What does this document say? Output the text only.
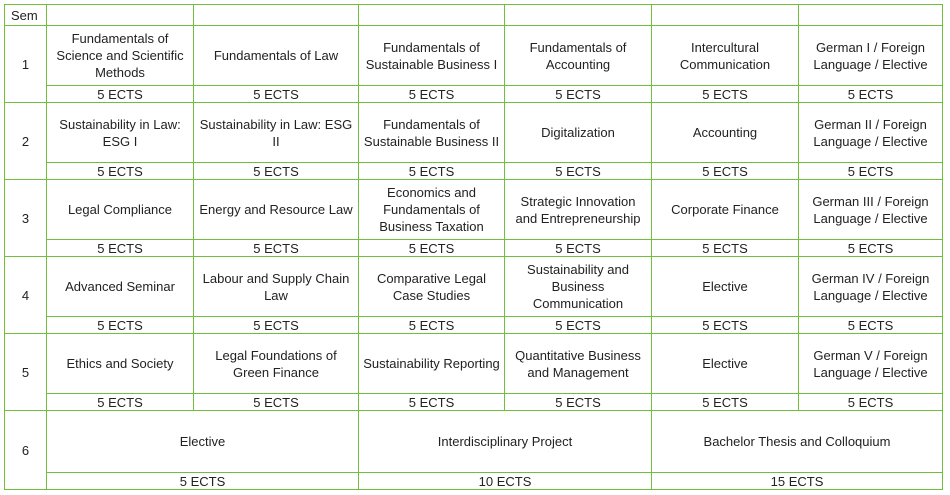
Sem						
1	Fundamentals of Science and Scientific Methods	Fundamentals of Law	Fundamentals of Sustainable Business I	Fundamentals of Accounting	Intercultural Communication	German I / Foreign Language / Elective
	5 ECTS	5 ECTS	5 ECTS	5 ECTS	5 ECTS	5 ECTS
2	Sustainability in Law: ESG I	Sustainability in Law: ESG II	Fundamentals of Sustainable Business II	Digitalization	Accounting	German II / Foreign Language / Elective
	5 ECTS	5 ECTS	5 ECTS	5 ECTS	5 ECTS	5 ECTS
3	Legal Compliance	Energy and Resource Law	Economics and Fundamentals of Business Taxation	Strategic Innovation and Entrepreneurship	Corporate Finance	German III / Foreign Language / Elective
	5 ECTS	5 ECTS	5 ECTS	5 ECTS	5 ECTS	5 ECTS
4	Advanced Seminar	Labour and Supply Chain Law	Comparative Legal Case Studies	Sustainability and Business Communication	Elective	German IV / Foreign Language / Elective
	5 ECTS	5 ECTS	5 ECTS	5 ECTS	5 ECTS	5 ECTS
5	Ethics and Society	Legal Foundations of Green Finance	Sustainability Reporting	Quantitative Business and Management	Elective	German V / Foreign Language / Elective
	5 ECTS	5 ECTS	5 ECTS	5 ECTS	5 ECTS	5 ECTS
6	Elective		Interdisciplinary Project		Bachelor Thesis and Colloquium	
	5 ECTS		10 ECTS		15 ECTS	
